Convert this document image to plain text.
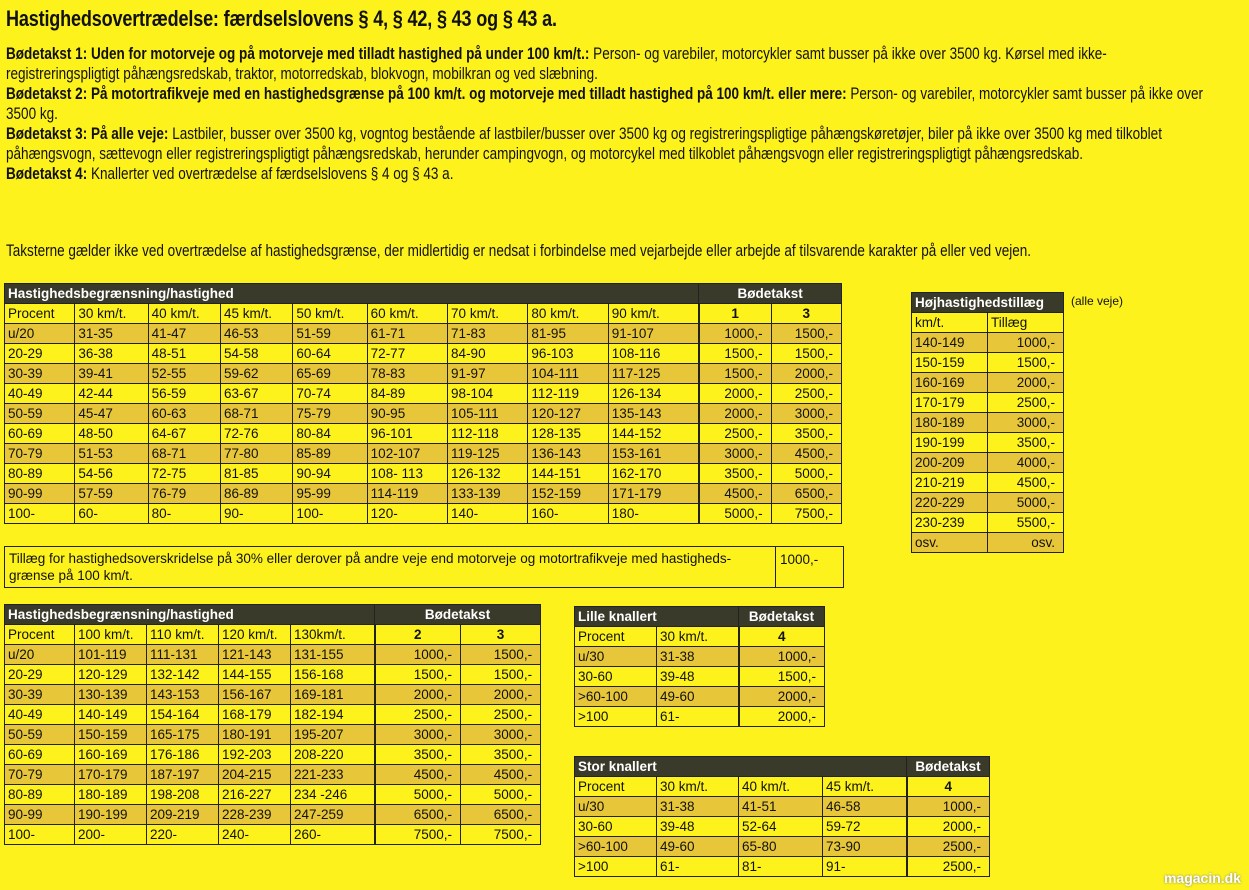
Hastighedsovertrædelse: færdselslovens § 4, § 42, § 43 og § 43 a.

Bødetakst 1: Uden for motorveje og på motorveje med tilladt hastighed på under 100 km/t.: Person- og varebiler, motorcykler samt busser på ikke over 3500 kg. Kørsel med ikke-registreringspligtigt påhængsredskab, traktor, motorredskab, blokvogn, mobilkran og ved slæbning.

Bødetakst 2: På motortrafikveje med en hastighedsgrænse på 100 km/t. og motorveje med tilladt hastighed på 100 km/t. eller mere: Person- og varebiler, motorcykler samt busser på ikke over 3500 kg.

Bødetakst 3: På alle veje: Lastbiler, busser over 3500 kg, vogntog bestående af lastbiler/busser over 3500 kg og registreringspligtige påhængskøretøjer, biler på ikke over 3500 kg med tilkoblet påhængsvogn, sættevogn eller registreringspligtigt påhængsredskab, herunder campingvogn, og motorcykel med tilkoblet påhængsvogn eller registreringspligtigt påhængsredskab.

Bødetakst 4: Knallerter ved overtrædelse af færdselslovens § 4 og § 43 a.

Taksterne gælder ikke ved overtrædelse af hastighedsgrænse, der midlertidig er nedsat i forbindelse med vejarbejde eller arbejde af tilsvarende karakter på eller ved vejen.
Hastighedsbegrænsning/hastighed									Bødetakst	
Procent	30 km/t.	40 km/t.	45 km/t.	50 km/t.	60 km/t.	70 km/t.	80 km/t.	90 km/t.	1	3
u/20	31-35	41-47	46-53	51-59	61-71	71-83	81-95	91-107	1000,-	1500,-
20-29	36-38	48-51	54-58	60-64	72-77	84-90	96-103	108-116	1500,-	1500,-
30-39	39-41	52-55	59-62	65-69	78-83	91-97	104-111	117-125	1500,-	2000,-
40-49	42-44	56-59	63-67	70-74	84-89	98-104	112-119	126-134	2000,-	2500,-
50-59	45-47	60-63	68-71	75-79	90-95	105-111	120-127	135-143	2000,-	3000,-
60-69	48-50	64-67	72-76	80-84	96-101	112-118	128-135	144-152	2500,-	3500,-
70-79	51-53	68-71	77-80	85-89	102-107	119-125	136-143	153-161	3000,-	4500,-
80-89	54-56	72-75	81-85	90-94	108- 113	126-132	144-151	162-170	3500,-	5000,-
90-99	57-59	76-79	86-89	95-99	114-119	133-139	152-159	171-179	4500,-	6500,-
100-	60-	80-	90-	100-	120-	140-	160-	180-	5000,-	7500,-
Højhastighedstillæg	
km/t.	Tillæg
140-149	1000,-
150-159	1500,-
160-169	2000,-
170-179	2500,-
180-189	3000,-
190-199	3500,-
200-209	4000,-
210-219	4500,-
220-229	5000,-
230-239	5500,-
osv.	osv.
(alle veje)
Tillæg for hastighedsoverskridelse på 30% eller derover på andre veje end motorveje og motortrafikveje med hastigheds-grænse på 100 km/t.
1000,-
Hastighedsbegrænsning/hastighed					Bødetakst	
Procent	100 km/t.	110 km/t.	120 km/t.	130km/t.	2	3
u/20	101-119	111-131	121-143	131-155	1000,-	1500,-
20-29	120-129	132-142	144-155	156-168	1500,-	1500,-
30-39	130-139	143-153	156-167	169-181	2000,-	2000,-
40-49	140-149	154-164	168-179	182-194	2500,-	2500,-
50-59	150-159	165-175	180-191	195-207	3000,-	3000,-
60-69	160-169	176-186	192-203	208-220	3500,-	3500,-
70-79	170-179	187-197	204-215	221-233	4500,-	4500,-
80-89	180-189	198-208	216-227	234 -246	5000,-	5000,-
90-99	190-199	209-219	228-239	247-259	6500,-	6500,-
100-	200-	220-	240-	260-	7500,-	7500,-
Lille knallert		Bødetakst
Procent	30 km/t.	4
u/30	31-38	1000,-
30-60	39-48	1500,-
>60-100	49-60	2000,-
>100	61-	2000,-
Stor knallert				Bødetakst
Procent	30 km/t.	40 km/t.	45 km/t.	4
u/30	31-38	41-51	46-58	1000,-
30-60	39-48	52-64	59-72	2000,-
>60-100	49-60	65-80	73-90	2500,-
>100	61-	81-	91-	2500,-
magacin.dk
